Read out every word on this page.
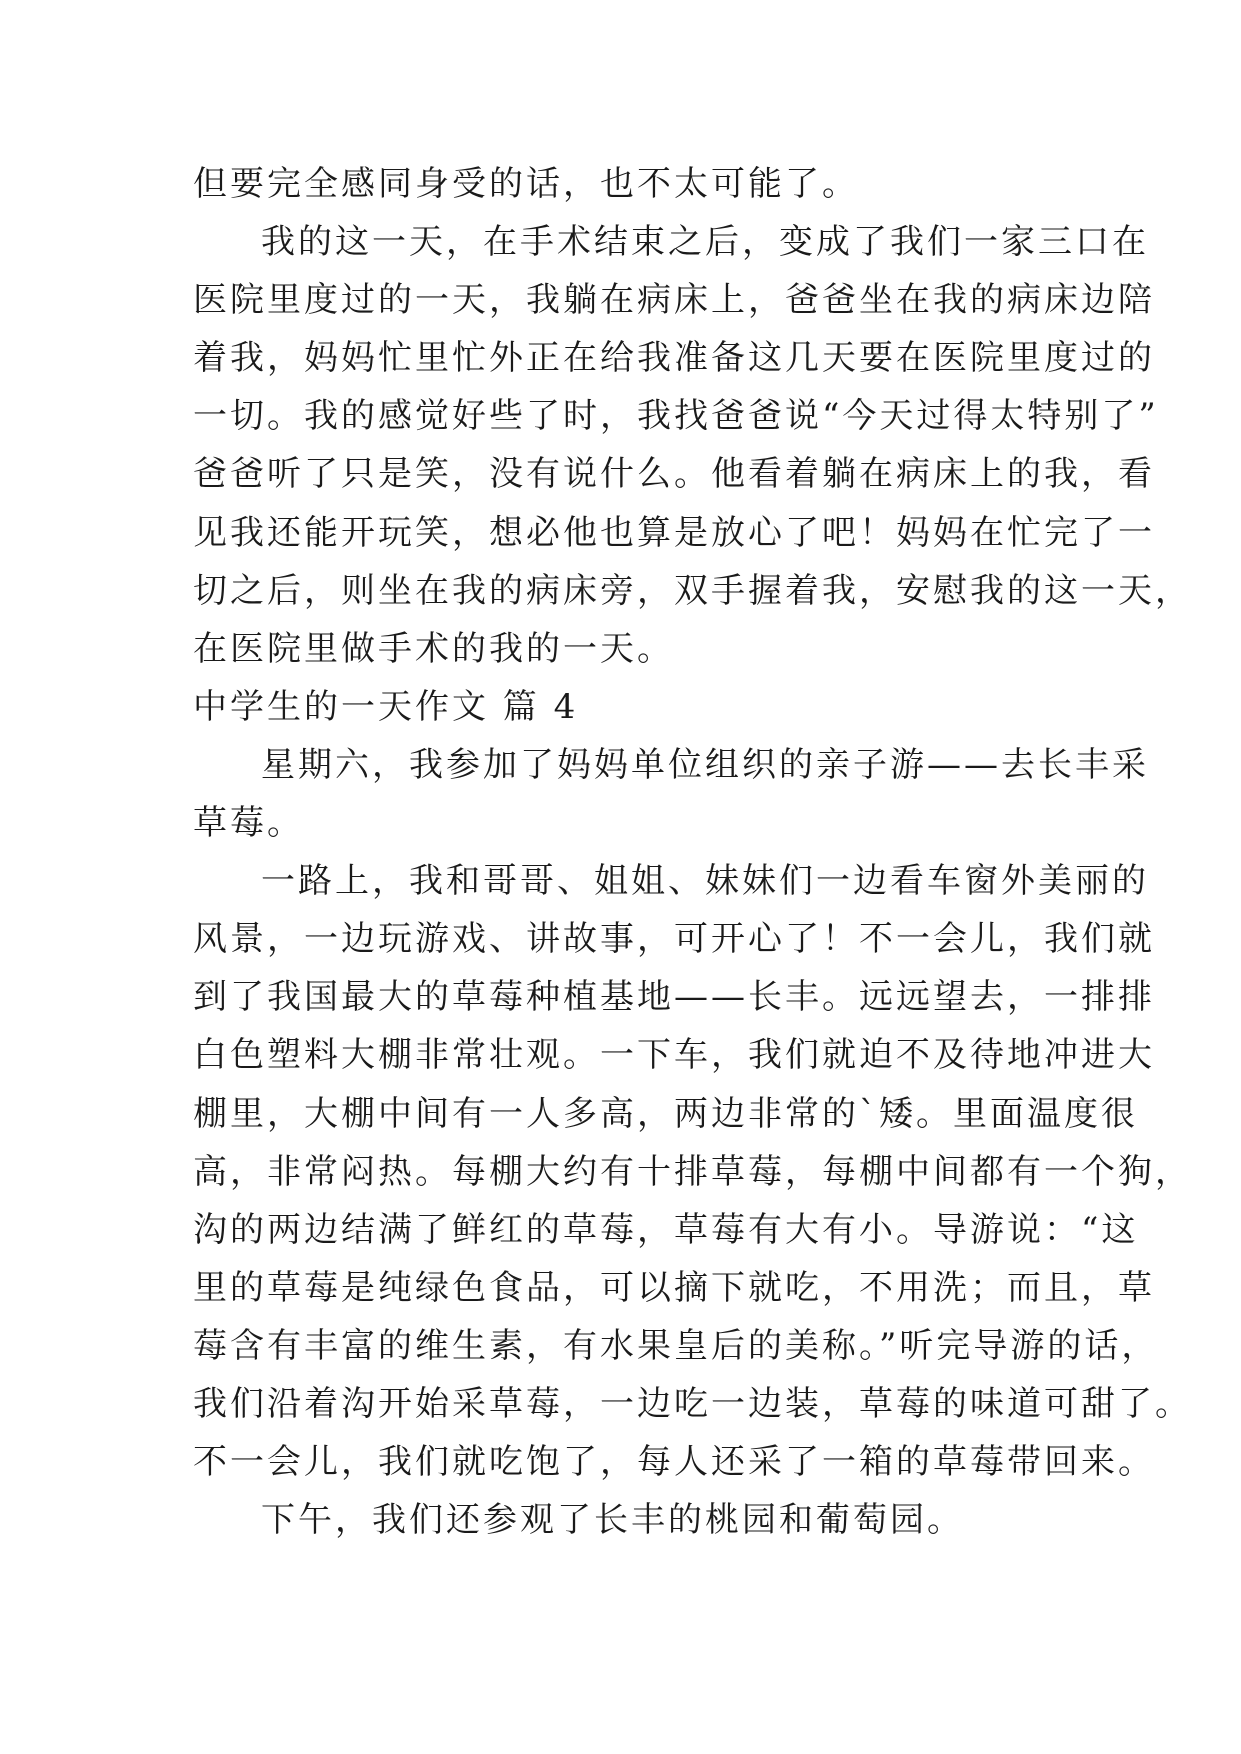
但要完全感同身受的话，也不太可能了。
我的这一天，在手术结束之后，变成了我们一家三口在
医院里度过的一天，我躺在病床上，爸爸坐在我的病床边陪
着我，妈妈忙里忙外正在给我准备这几天要在医院里度过的
一切。我的感觉好些了时，我找爸爸说“今天过得太特别了”
爸爸听了只是笑，没有说什么。他看着躺在病床上的我，看
见我还能开玩笑，想必他也算是放心了吧！妈妈在忙完了一
切之后，则坐在我的病床旁，双手握着我，安慰我的这一天，
在医院里做手术的我的一天。
中学生的一天作文 篇 4
星期六，我参加了妈妈单位组织的亲子游——去长丰采
草莓。
一路上，我和哥哥、姐姐、妹妹们一边看车窗外美丽的
风景，一边玩游戏、讲故事，可开心了！不一会儿，我们就
到了我国最大的草莓种植基地——长丰。远远望去，一排排
白色塑料大棚非常壮观。一下车，我们就迫不及待地冲进大
棚里，大棚中间有一人多高，两边非常的`矮。里面温度很
高，非常闷热。每棚大约有十排草莓，每棚中间都有一个狗，
沟的两边结满了鲜红的草莓，草莓有大有小。导游说：“这
里的草莓是纯绿色食品，可以摘下就吃，不用洗；而且，草
莓含有丰富的维生素，有水果皇后的美称。”听完导游的话，
我们沿着沟开始采草莓，一边吃一边装，草莓的味道可甜了。
不一会儿，我们就吃饱了，每人还采了一箱的草莓带回来。
下午，我们还参观了长丰的桃园和葡萄园。
